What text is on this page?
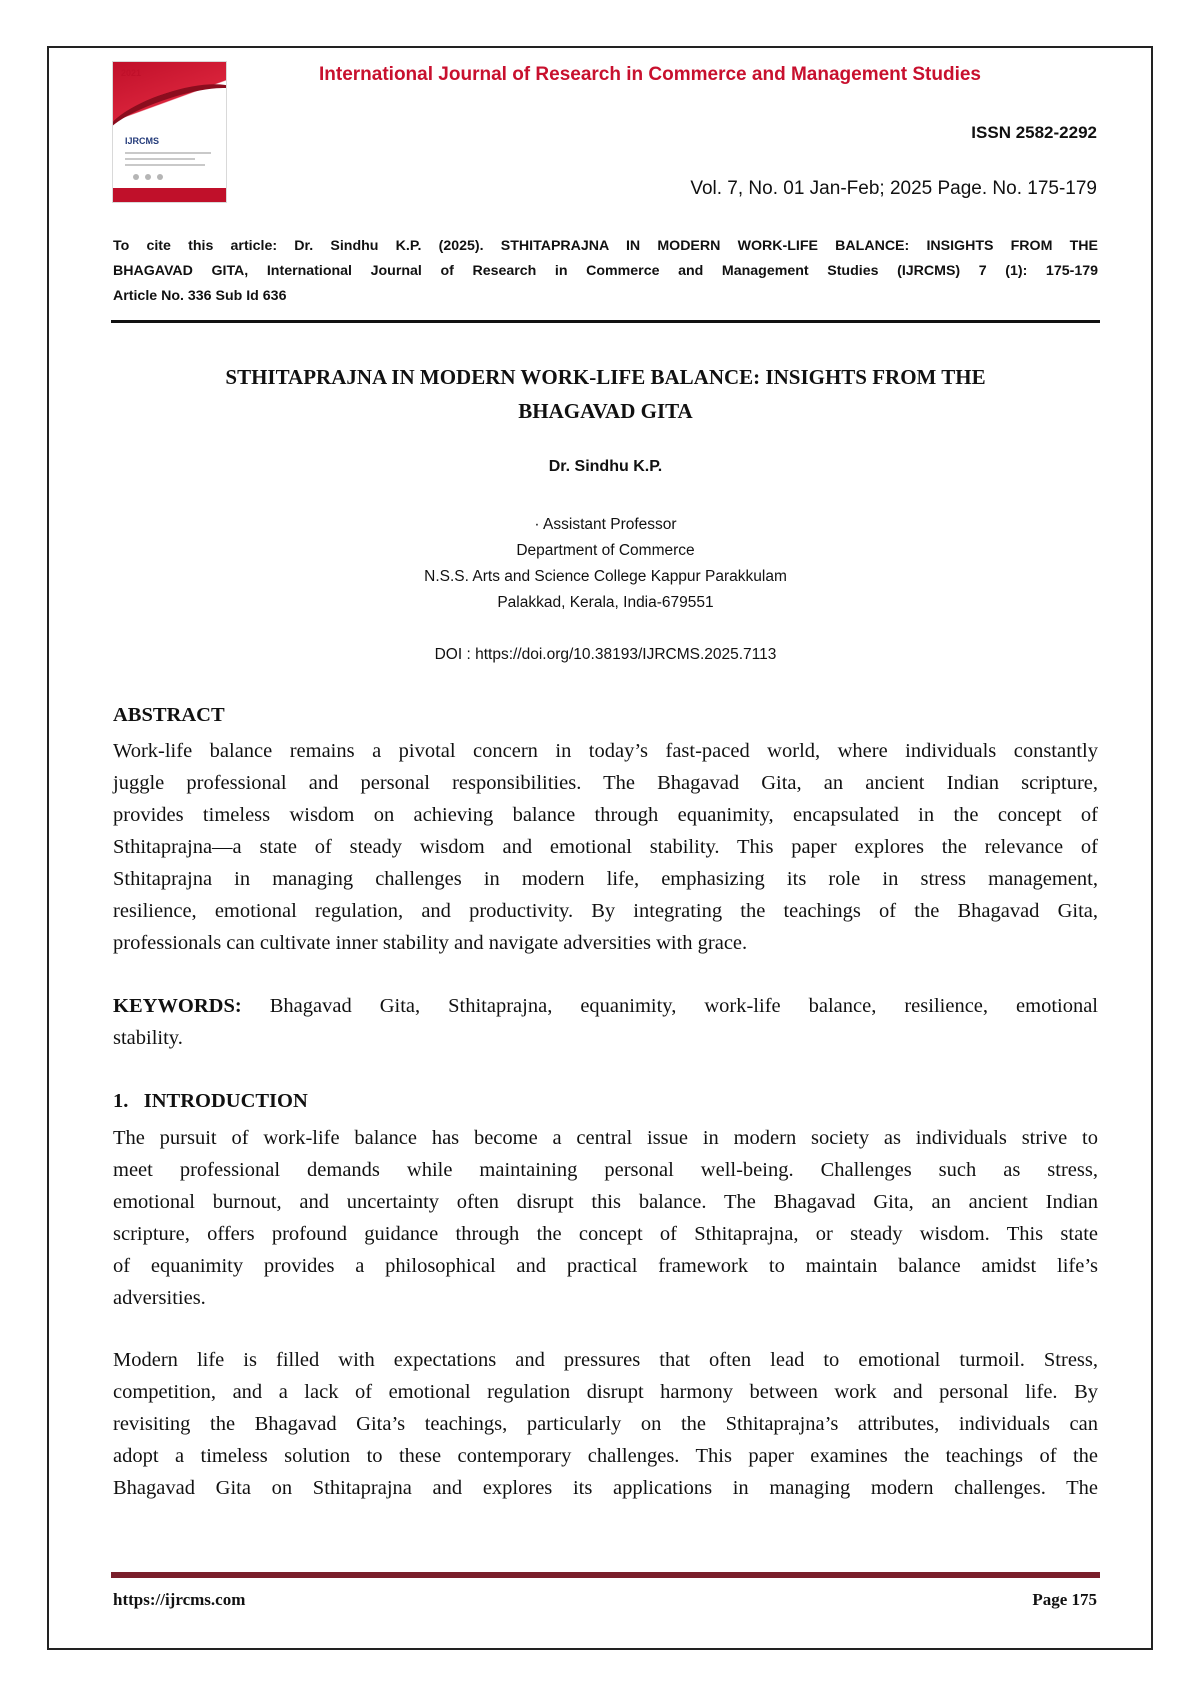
2021
IJRCMS
International Journal of Research in Commerce and Management Studies
ISSN 2582-2292
Vol. 7, No. 01 Jan-Feb; 2025 Page. No. 175-179
To cite this article: Dr. Sindhu K.P. (2025). STHITAPRAJNA IN MODERN WORK-LIFE BALANCE: INSIGHTS FROM THE
BHAGAVAD GITA, International Journal of Research in Commerce and Management Studies (IJRCMS) 7 (1): 175-179
Article No. 336 Sub Id 636
STHITAPRAJNA IN MODERN WORK-LIFE BALANCE: INSIGHTS FROM THE
BHAGAVAD GITA
Dr. Sindhu K.P.
· Assistant Professor
Department of Commerce
N.S.S. Arts and Science College Kappur Parakkulam
Palakkad, Kerala, India-679551
DOI : https://doi.org/10.38193/IJRCMS.2025.7113
ABSTRACT
Work-life balance remains a pivotal concern in today’s fast-paced world, where individuals constantly
juggle professional and personal responsibilities. The Bhagavad Gita, an ancient Indian scripture,
provides timeless wisdom on achieving balance through equanimity, encapsulated in the concept of
Sthitaprajna—a state of steady wisdom and emotional stability. This paper explores the relevance of
Sthitaprajna in managing challenges in modern life, emphasizing its role in stress management,
resilience, emotional regulation, and productivity. By integrating the teachings of the Bhagavad Gita,
professionals can cultivate inner stability and navigate adversities with grace.
KEYWORDS: Bhagavad Gita, Sthitaprajna, equanimity, work-life balance, resilience, emotional
stability.
1.   INTRODUCTION
The pursuit of work-life balance has become a central issue in modern society as individuals strive to
meet professional demands while maintaining personal well-being. Challenges such as stress,
emotional burnout, and uncertainty often disrupt this balance. The Bhagavad Gita, an ancient Indian
scripture, offers profound guidance through the concept of Sthitaprajna, or steady wisdom. This state
of equanimity provides a philosophical and practical framework to maintain balance amidst life’s
adversities.
Modern life is filled with expectations and pressures that often lead to emotional turmoil. Stress,
competition, and a lack of emotional regulation disrupt harmony between work and personal life. By
revisiting the Bhagavad Gita’s teachings, particularly on the Sthitaprajna’s attributes, individuals can
adopt a timeless solution to these contemporary challenges. This paper examines the teachings of the
Bhagavad Gita on Sthitaprajna and explores its applications in managing modern challenges. The
https://ijrcms.com	Page 175
